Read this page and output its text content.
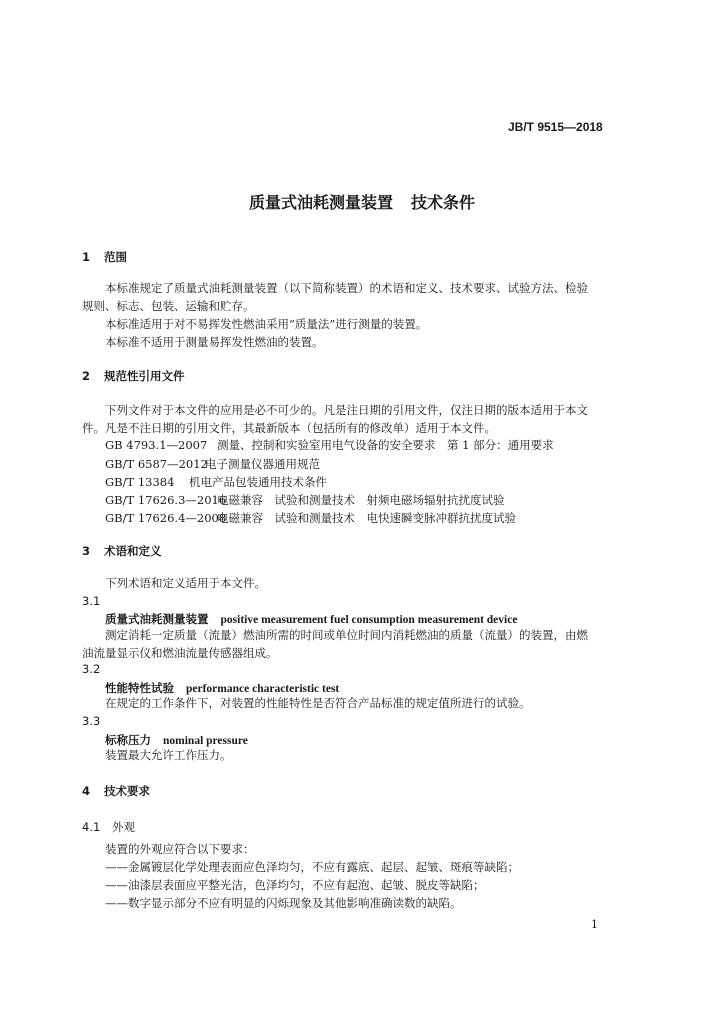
JB/T 9515—2018
质量式油耗测量装置 技术条件
1 范围
本标准规定了质量式油耗测量装置（以下简称装置）的术语和定义、技术要求、试验方法、检验规则、标志、包装、运输和贮存。
本标准适用于对不易挥发性燃油采用“质量法”进行测量的装置。
本标准不适用于测量易挥发性燃油的装置。
2 规范性引用文件
下列文件对于本文件的应用是必不可少的。凡是注日期的引用文件，仅注日期的版本适用于本文件。凡是不注日期的引用文件，其最新版本（包括所有的修改单）适用于本文件。
GB 4793.1—2007 测量、控制和实验室用电气设备的安全要求　第 1 部分：通用要求
GB/T 6587—2012电子测量仪器通用规范
GB/T 13384 机电产品包装通用技术条件
GB/T 17626.3—2016电磁兼容　试验和测量技术　射频电磁场辐射抗扰度试验
GB/T 17626.4—2008电磁兼容　试验和测量技术　电快速瞬变脉冲群抗扰度试验
3 术语和定义
下列术语和定义适用于本文件。
3.1
质量式油耗测量装置 positive measurement fuel consumption measurement device
测定消耗一定质量（流量）燃油所需的时间或单位时间内消耗燃油的质量（流量）的装置，由燃油流量显示仪和燃油流量传感器组成。
3.2
性能特性试验 performance characteristic test
在规定的工作条件下，对装置的性能特性是否符合产品标准的规定值所进行的试验。
3.3
标称压力 nominal pressure
装置最大允许工作压力。
4 技术要求
4.1 外观
装置的外观应符合以下要求：
——金属镀层化学处理表面应色泽均匀，不应有露底、起层、起皱、斑痕等缺陷；
——油漆层表面应平整光洁，色泽均匀，不应有起泡、起皱、脱皮等缺陷；
——数字显示部分不应有明显的闪烁现象及其他影响准确读数的缺陷。
1
